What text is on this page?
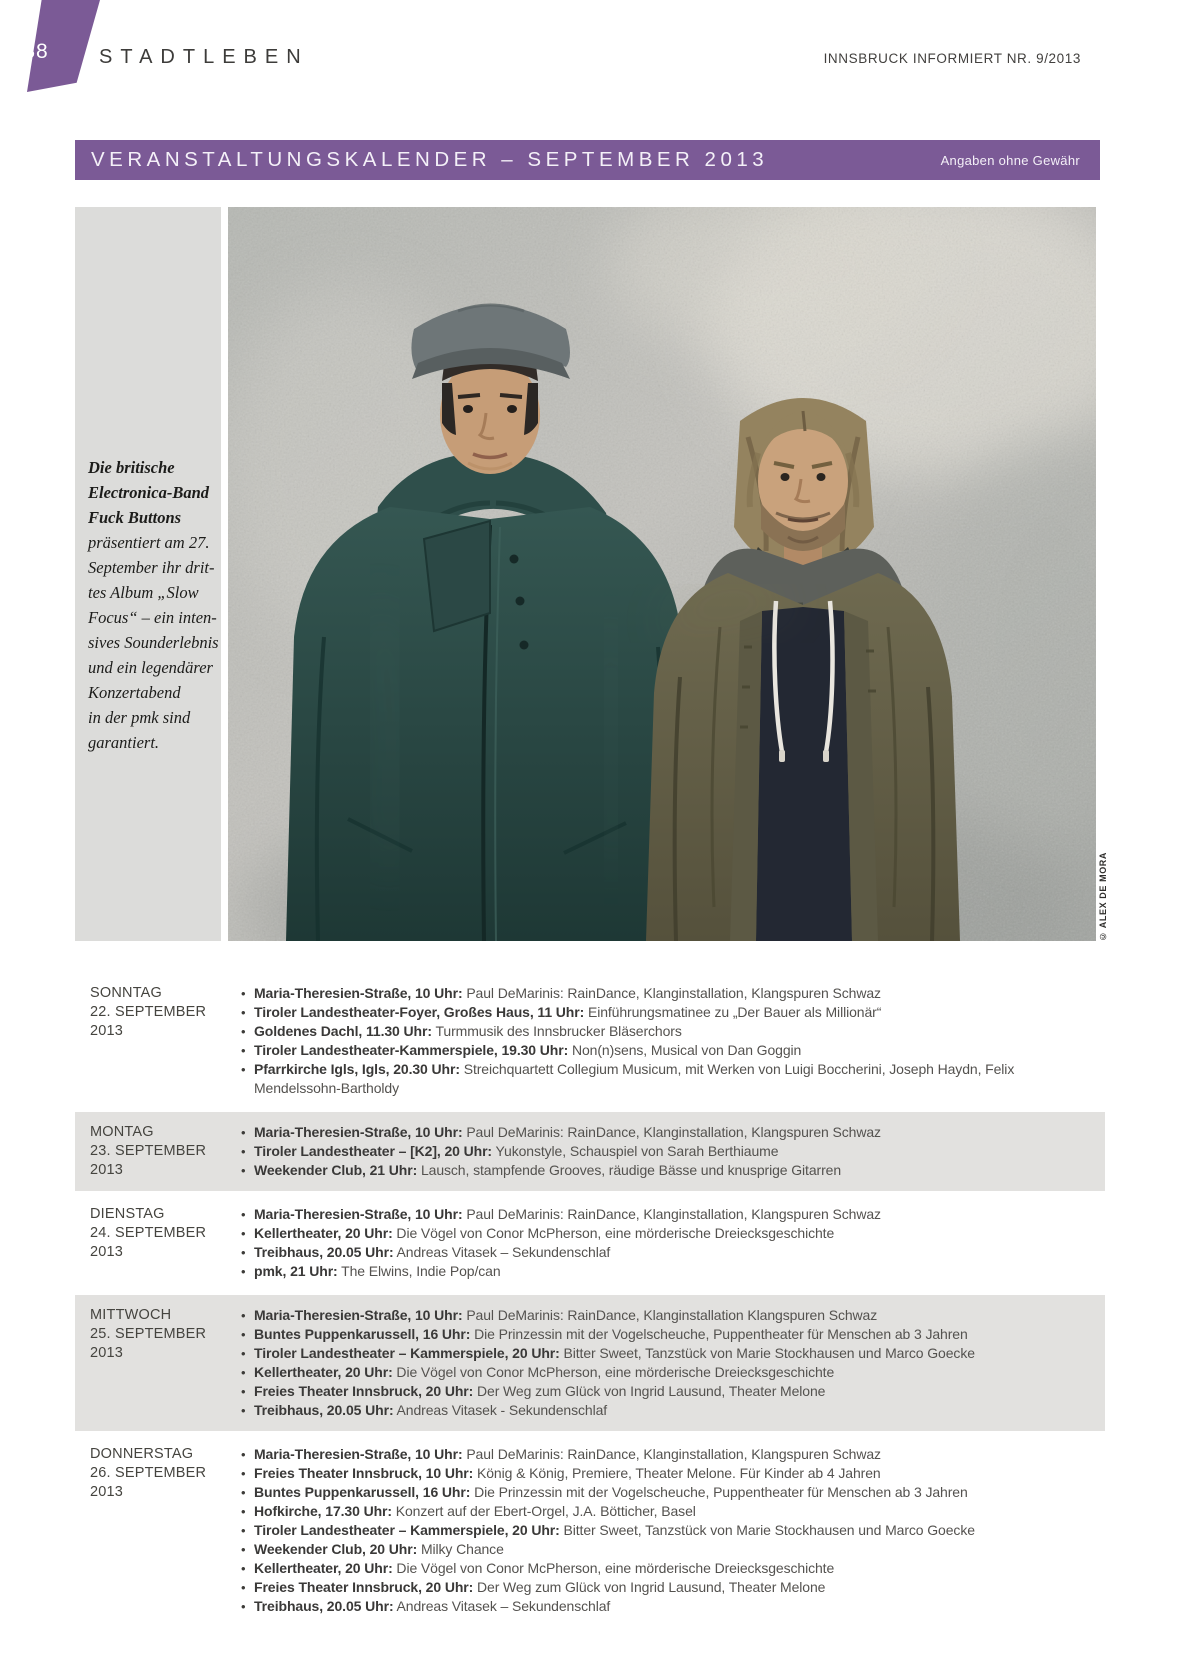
38	STADTLEBEN	INNSBRUCK INFORMIERT NR. 9/2013
VERANSTALTUNGSKALENDER – SEPTEMBER 2013	Angaben ohne Gewähr
Die britische
Electronica-Band
Fuck Buttons
präsentiert am 27.
September ihr drit-
tes Album „Slow
Focus“ – ein inten-
sives Sounderlebnis
und ein legendärer
Konzertabend
in der pmk sind
garantiert.
© ALEX DE MORA
SONNTAG
22. SEPTEMBER 2013
• Maria-Theresien-Straße, 10 Uhr: Paul DeMarinis: RainDance, Klanginstallation, Klangspuren Schwaz
• Tiroler Landestheater-Foyer, Großes Haus, 11 Uhr: Einführungsmatinee zu „Der Bauer als Millionär“
• Goldenes Dachl, 11.30 Uhr: Turmmusik des Innsbrucker Bläserchors
• Tiroler Landestheater-Kammerspiele, 19.30 Uhr: Non(n)sens, Musical von Dan Goggin
• Pfarrkirche Igls, Igls, 20.30 Uhr: Streichquartett Collegium Musicum, mit Werken von Luigi Boccherini, Joseph Haydn, Felix Mendelssohn-Bartholdy
MONTAG
23. SEPTEMBER 2013
• Maria-Theresien-Straße, 10 Uhr: Paul DeMarinis: RainDance, Klanginstallation, Klangspuren Schwaz
• Tiroler Landestheater – [K2], 20 Uhr: Yukonstyle, Schauspiel von Sarah Berthiaume
• Weekender Club, 21 Uhr: Lausch, stampfende Grooves, räudige Bässe und knusprige Gitarren
DIENSTAG
24. SEPTEMBER 2013
• Maria-Theresien-Straße, 10 Uhr: Paul DeMarinis: RainDance, Klanginstallation, Klangspuren Schwaz
• Kellertheater, 20 Uhr: Die Vögel von Conor McPherson, eine mörderische Dreiecksgeschichte
• Treibhaus, 20.05 Uhr: Andreas Vitasek – Sekundenschlaf
• pmk, 21 Uhr: The Elwins, Indie Pop/can
MITTWOCH
25. SEPTEMBER 2013
• Maria-Theresien-Straße, 10 Uhr: Paul DeMarinis: RainDance, Klanginstallation Klangspuren Schwaz
• Buntes Puppenkarussell, 16 Uhr: Die Prinzessin mit der Vogelscheuche, Puppentheater für Menschen ab 3 Jahren
• Tiroler Landestheater – Kammerspiele, 20 Uhr: Bitter Sweet, Tanzstück von Marie Stockhausen und Marco Goecke
• Kellertheater, 20 Uhr: Die Vögel von Conor McPherson, eine mörderische Dreiecksgeschichte
• Freies Theater Innsbruck, 20 Uhr: Der Weg zum Glück von Ingrid Lausund, Theater Melone
• Treibhaus, 20.05 Uhr: Andreas Vitasek - Sekundenschlaf
DONNERSTAG
26. SEPTEMBER 2013
• Maria-Theresien-Straße, 10 Uhr: Paul DeMarinis: RainDance, Klanginstallation, Klangspuren Schwaz
• Freies Theater Innsbruck, 10 Uhr: König & König, Premiere, Theater Melone. Für Kinder ab 4 Jahren
• Buntes Puppenkarussell, 16 Uhr: Die Prinzessin mit der Vogelscheuche, Puppentheater für Menschen ab 3 Jahren
• Hofkirche, 17.30 Uhr: Konzert auf der Ebert-Orgel, J.A. Bötticher, Basel
• Tiroler Landestheater – Kammerspiele, 20 Uhr: Bitter Sweet, Tanzstück von Marie Stockhausen und Marco Goecke
• Weekender Club, 20 Uhr: Milky Chance
• Kellertheater, 20 Uhr: Die Vögel von Conor McPherson, eine mörderische Dreiecksgeschichte
• Freies Theater Innsbruck, 20 Uhr: Der Weg zum Glück von Ingrid Lausund, Theater Melone
• Treibhaus, 20.05 Uhr: Andreas Vitasek – Sekundenschlaf
